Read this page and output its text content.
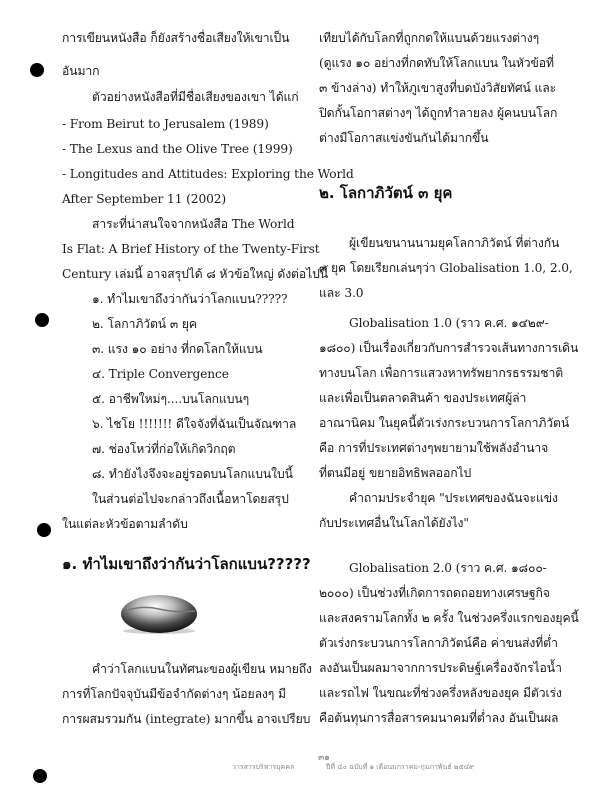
การเขียนหนังสือ ก็ยังสร้างชื่อเสียงให้เขาเป็น
อันมาก
ตัวอย่างหนังสือที่มีชื่อเสียงของเขา ได้แก่
- From Beirut to Jerusalem (1989)
- The Lexus and the Olive Tree (1999)
- Longitudes and Attitudes: Exploring the World
After September 11 (2002)
สาระที่น่าสนใจจากหนังสือ The World
Is Flat: A Brief History of the Twenty-First
Century เล่มนี้ อาจสรุปได้ ๘ หัวข้อใหญ่ ดังต่อไปนี้
๑. ทำไมเขาถึงว่ากันว่าโลกแบน?????
๒. โลกาภิวัตน์ ๓ ยุค
๓. แรง ๑๐ อย่าง ที่กดโลกให้แบน
๔. Triple Convergence
๕. อาชีพใหม่ๆ....บนโลกแบนๆ
๖. ไชโย !!!!!!! ดีใจจังที่ฉันเป็นจัณฑาล
๗. ช่องโหว่ที่ก่อให้เกิดวิกฤต
๘. ทำยังไงจึงจะอยู่รอดบนโลกแบนใบนี้
ในส่วนต่อไปจะกล่าวถึงเนื้อหาโดยสรุป
ในแต่ละหัวข้อตามลำดับ
๑. ทำไมเขาถึงว่ากันว่าโลกแบน?????
คำว่าโลกแบนในทัศนะของผู้เขียน หมายถึง
การที่โลกปัจจุบันมีข้อจำกัดต่างๆ น้อยลงๆ มี
การผสมรวมกัน (integrate) มากขึ้น อาจเปรียบ
เทียบได้กับโลกที่ถูกกดให้แบนด้วยแรงต่างๆ
(ดูแรง ๑๐ อย่างที่กดทับให้โลกแบน ในหัวข้อที่
๓ ข้างล่าง) ทำให้ภูเขาสูงที่บดบังวิสัยทัศน์ และ
ปิดกั้นโอกาสต่างๆ ได้ถูกทำลายลง ผู้คนบนโลก
ต่างมีโอกาสแข่งขันกันได้มากขึ้น
๒. โลกาภิวัตน์ ๓ ยุค
ผู้เขียนขนานนามยุคโลกาภิวัตน์ ที่ต่างกัน
๓ ยุค โดยเรียกเล่นๆว่า Globalisation 1.0, 2.0,
และ 3.0
Globalisation 1.0 (ราว ค.ศ. ๑๔๒๙-
๑๘๐๐) เป็นเรื่องเกี่ยวกับการสำรวจเส้นทางการเดิน
ทางบนโลก เพื่อการแสวงหาทรัพยากรธรรมชาติ
และเพื่อเป็นตลาดสินค้า ของประเทศผู้ล่า
อาณานิคม ในยุคนี้ตัวเร่งกระบวนการโลกาภิวัตน์
คือ การที่ประเทศต่างๆพยายามใช้พลังอำนาจ
ที่ตนมีอยู่ ขยายอิทธิพลออกไป
คำถามประจำยุค "ประเทศของฉันจะแข่ง
กับประเทศอื่นในโลกได้ยังไง"
Globalisation 2.0 (ราว ค.ศ. ๑๘๐๐-
๒๐๐๐) เป็นช่วงที่เกิดการถดถอยทางเศรษฐกิจ
และสงครามโลกทั้ง ๒ ครั้ง ในช่วงครึ่งแรกของยุคนี้
ตัวเร่งกระบวนการโลกาภิวัตน์คือ ค่าขนส่งที่ต่ำ
ลงอันเป็นผลมาจากการประดิษฐ์เครื่องจักรไอน้ำ
และรถไฟ ในขณะที่ช่วงครึ่งหลังของยุค มีตัวเร่ง
คือต้นทุนการสื่อสารคมนาคมที่ต่ำลง อันเป็นผล
๓๑
วารสารบริหารบุคคล	ปีที่ ๔๐ ฉบับที่ ๑ เดือนมกราคม-กุมภาพันธ์ ๒๕๔๙
